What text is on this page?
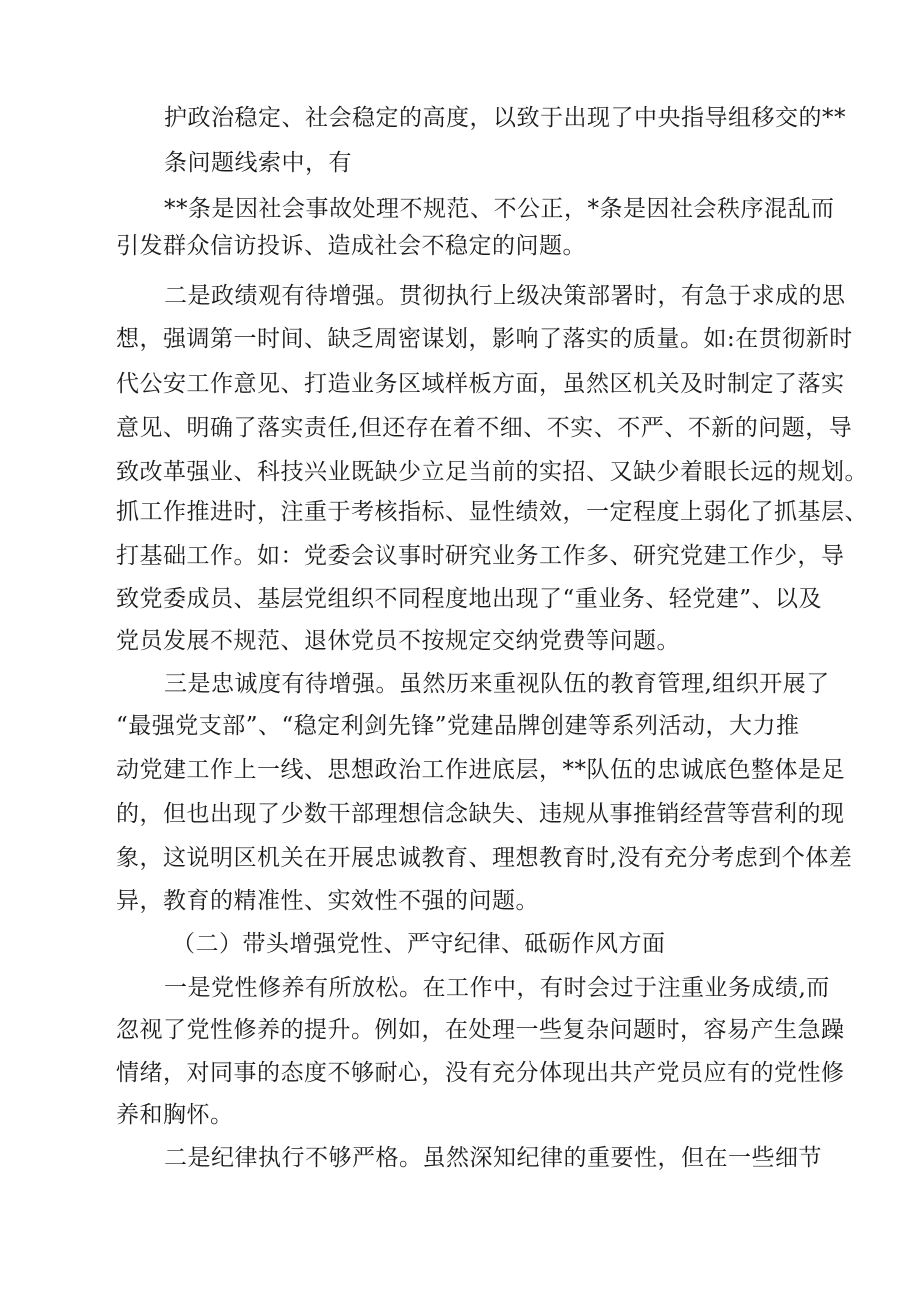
护政治稳定、社会稳定的高度，以致于出现了中央指导组移交的**

条问题线索中，有

**条是因社会事故处理不规范、不公正，*条是因社会秩序混乱而

引发群众信访投诉、造成社会不稳定的问题。

二是政绩观有待增强。贯彻执行上级决策部署时，有急于求成的思

想，强调第一时间、缺乏周密谋划，影响了落实的质量。如:在贯彻新时

代公安工作意见、打造业务区域样板方面，虽然区机关及时制定了落实

意见、明确了落实责任,但还存在着不细、不实、不严、不新的问题，导

致改革强业、科技兴业既缺少立足当前的实招、又缺少着眼长远的规划。

抓工作推进时，注重于考核指标、显性绩效，一定程度上弱化了抓基层、

打基础工作。如：党委会议事时研究业务工作多、研究党建工作少，导

致党委成员、基层党组织不同程度地出现了“重业务、轻党建”、以及

党员发展不规范、退休党员不按规定交纳党费等问题。

三是忠诚度有待增强。虽然历来重视队伍的教育管理,组织开展了

“最强党支部”、“稳定利剑先锋”党建品牌创建等系列活动，大力推

动党建工作上一线、思想政治工作进底层，**队伍的忠诚底色整体是足

的，但也出现了少数干部理想信念缺失、违规从事推销经营等营利的现

象，这说明区机关在开展忠诚教育、理想教育时,没有充分考虑到个体差

异，教育的精准性、实效性不强的问题。

（二）带头增强党性、严守纪律、砥砺作风方面

一是党性修养有所放松。在工作中，有时会过于注重业务成绩,而

忽视了党性修养的提升。例如，在处理一些复杂问题时，容易产生急躁

情绪，对同事的态度不够耐心，没有充分体现出共产党员应有的党性修

养和胸怀。

二是纪律执行不够严格。虽然深知纪律的重要性，但在一些细节
